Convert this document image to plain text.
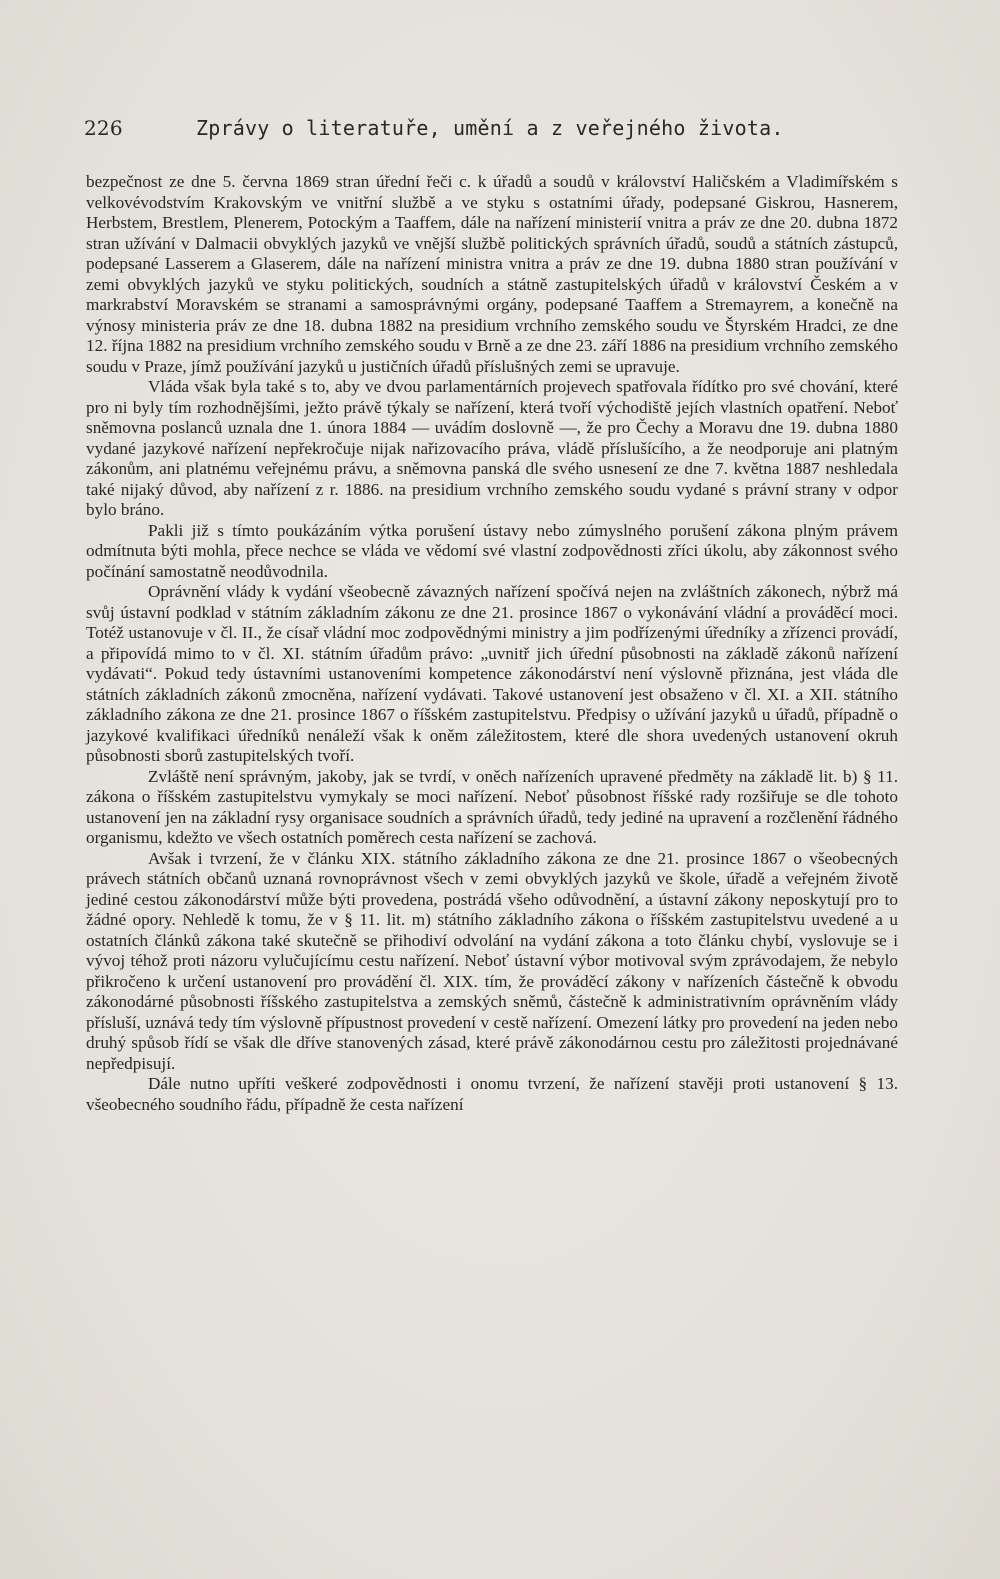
226	Zprávy o literatuře, umění a z veřejného života.

bezpečnost ze dne 5. června 1869 stran úřední řeči c. k úřadů a soudů v království Haličském a Vladimířském s velkovévodstvím Krakovským ve vnitřní službě a ve styku s ostatními úřady, podepsané Giskrou, Hasnerem, Herbstem, Brestlem, Plenerem, Potockým a Taaffem, dále na nařízení ministerií vnitra a práv ze dne 20. dubna 1872 stran užívání v Dalmacii obvyklých jazyků ve vnější službě politických správních úřadů, soudů a státních zástupců, podepsané Lasserem a Glaserem, dále na nařízení ministra vnitra a práv ze dne 19. dubna 1880 stran používání v zemi obvyklých jazyků ve styku politických, soudních a státně zastupitelských úřadů v království Českém a v markrabství Moravském se stranami a samosprávnými orgány, podepsané Taaffem a Stremayrem, a konečně na výnosy ministeria práv ze dne 18. dubna 1882 na presidium vrchního zemského soudu ve Štyrském Hradci, ze dne 12. října 1882 na presidium vrchního zemského soudu v Brně a ze dne 23. září 1886 na presidium vrchního zemského soudu v Praze, jímž používání jazyků u justičních úřadů příslušných zemi se upravuje.

Vláda však byla také s to, aby ve dvou parlamentárních projevech spatřovala řídítko pro své chování, které pro ni byly tím rozhodnějšími, ježto právě týkaly se nařízení, která tvoří východiště jejích vlastních opatření. Neboť sněmovna poslanců uznala dne 1. února 1884 — uvádím doslovně —, že pro Čechy a Moravu dne 19. dubna 1880 vydané jazykové nařízení nepřekročuje nijak nařizovacího práva, vládě příslušícího, a že neodporuje ani platným zákonům, ani platnému veřejnému právu, a sněmovna panská dle svého usnesení ze dne 7. května 1887 neshledala také nijaký důvod, aby nařízení z r. 1886. na presidium vrchního zemského soudu vydané s právní strany v odpor bylo bráno.

Pakli již s tímto poukázáním výtka porušení ústavy nebo zúmyslného porušení zákona plným právem odmítnuta býti mohla, přece nechce se vláda ve vědomí své vlastní zodpovědnosti zříci úkolu, aby zákonnost svého počínání samostatně neodůvodnila.

Oprávnění vlády k vydání všeobecně závazných nařízení spočívá nejen na zvláštních zákonech, nýbrž má svůj ústavní podklad v státním základním zákonu ze dne 21. prosince 1867 o vykonávání vládní a prováděcí moci. Totéž ustanovuje v čl. II., že císař vládní moc zodpovědnými ministry a jim podřízenými úředníky a zřízenci provádí, a připovídá mimo to v čl. XI. státním úřadům právo: „uvnitř jich úřední působnosti na základě zákonů nařízení vydávati“. Pokud tedy ústavními ustanoveními kompetence zákonodárství není výslovně přiznána, jest vláda dle státních základních zákonů zmocněna, nařízení vydávati. Takové ustanovení jest obsaženo v čl. XI. a XII. státního základního zákona ze dne 21. prosince 1867 o říšském zastupitelstvu. Předpisy o užívání jazyků u úřadů, případně o jazykové kvalifikaci úředníků nenáleží však k oněm záležitostem, které dle shora uvedených ustanovení okruh působnosti sborů zastupitelských tvoří.

Zvláště není správným, jakoby, jak se tvrdí, v oněch nařízeních upravené předměty na základě lit. b) § 11. zákona o říšském zastupitelstvu vymykaly se moci nařízení. Neboť působnost říšské rady rozšiřuje se dle tohoto ustanovení jen na základní rysy organisace soudních a správních úřadů, tedy jediné na upravení a rozčlenění řádného organismu, kdežto ve všech ostatních poměrech cesta nařízení se zachová.

Avšak i tvrzení, že v článku XIX. státního základního zákona ze dne 21. prosince 1867 o všeobecných právech státních občanů uznaná rovnoprávnost všech v zemi obvyklých jazyků ve škole, úřadě a veřejném životě jediné cestou zákonodárství může býti provedena, postrádá všeho odůvodnění, a ústavní zákony neposkytují pro to žádné opory. Nehledě k tomu, že v § 11. lit. m) státního základního zákona o říšském zastupitelstvu uvedené a u ostatních článků zákona také skutečně se přihodiví odvolání na vydání zákona a toto článku chybí, vyslovuje se i vývoj téhož proti názoru vylučujícímu cestu nařízení. Neboť ústavní výbor motivoval svým zprávodajem, že nebylo přikročeno k určení ustanovení pro provádění čl. XIX. tím, že prováděcí zákony v nařízeních částečně k obvodu zákonodárné působnosti říšského zastupitelstva a zemských sněmů, částečně k administrativním oprávněním vlády přísluší, uznává tedy tím výslovně přípustnost provedení v cestě nařízení. Omezení látky pro provedení na jeden nebo druhý spůsob řídí se však dle dříve stanovených zásad, které právě zákonodárnou cestu pro záležitosti projednávané nepředpisují.

Dále nutno upříti veškeré zodpovědnosti i onomu tvrzení, že nařízení stavěji proti ustanovení § 13. všeobecného soudního řádu, případně že cesta nařízení
